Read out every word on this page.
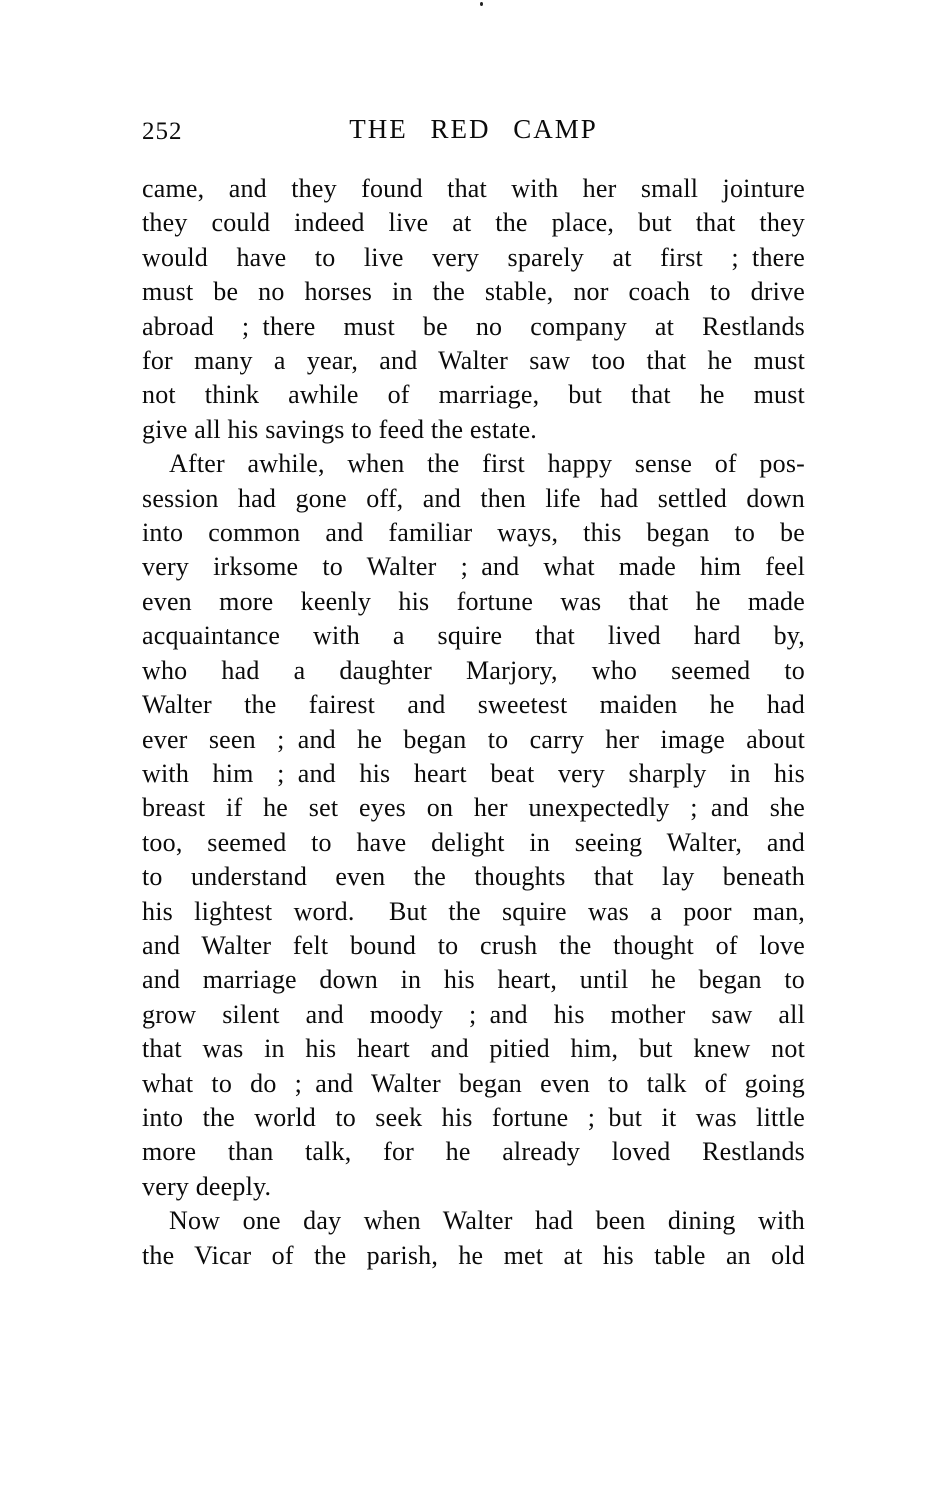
252	THE RED CAMP
came, and they found that with her small jointure
they could indeed live at the place, but that they
would have to live very sparely at first ; there
must be no horses in the stable, nor coach to drive
abroad ; there must be no company at Restlands
for many a year, and Walter saw too that he must
not think awhile of marriage, but that he must
give all his savings to feed the estate.
After awhile, when the first happy sense of pos-
session had gone off, and then life had settled down
into common and familiar ways, this began to be
very irksome to Walter ; and what made him feel
even more keenly his fortune was that he made
acquaintance with a squire that lived hard by,
who had a daughter Marjory, who seemed to
Walter the fairest and sweetest maiden he had
ever seen ; and he began to carry her image about
with him ; and his heart beat very sharply in his
breast if he set eyes on her unexpectedly ; and she
too, seemed to have delight in seeing Walter, and
to understand even the thoughts that lay beneath
his lightest word.  But the squire was a poor man,
and Walter felt bound to crush the thought of love
and marriage down in his heart, until he began to
grow silent and moody ; and his mother saw all
that was in his heart and pitied him, but knew not
what to do ; and Walter began even to talk of going
into the world to seek his fortune ; but it was little
more than talk, for he already loved Restlands
very deeply.
Now one day when Walter had been dining with
the Vicar of the parish, he met at his table an old
